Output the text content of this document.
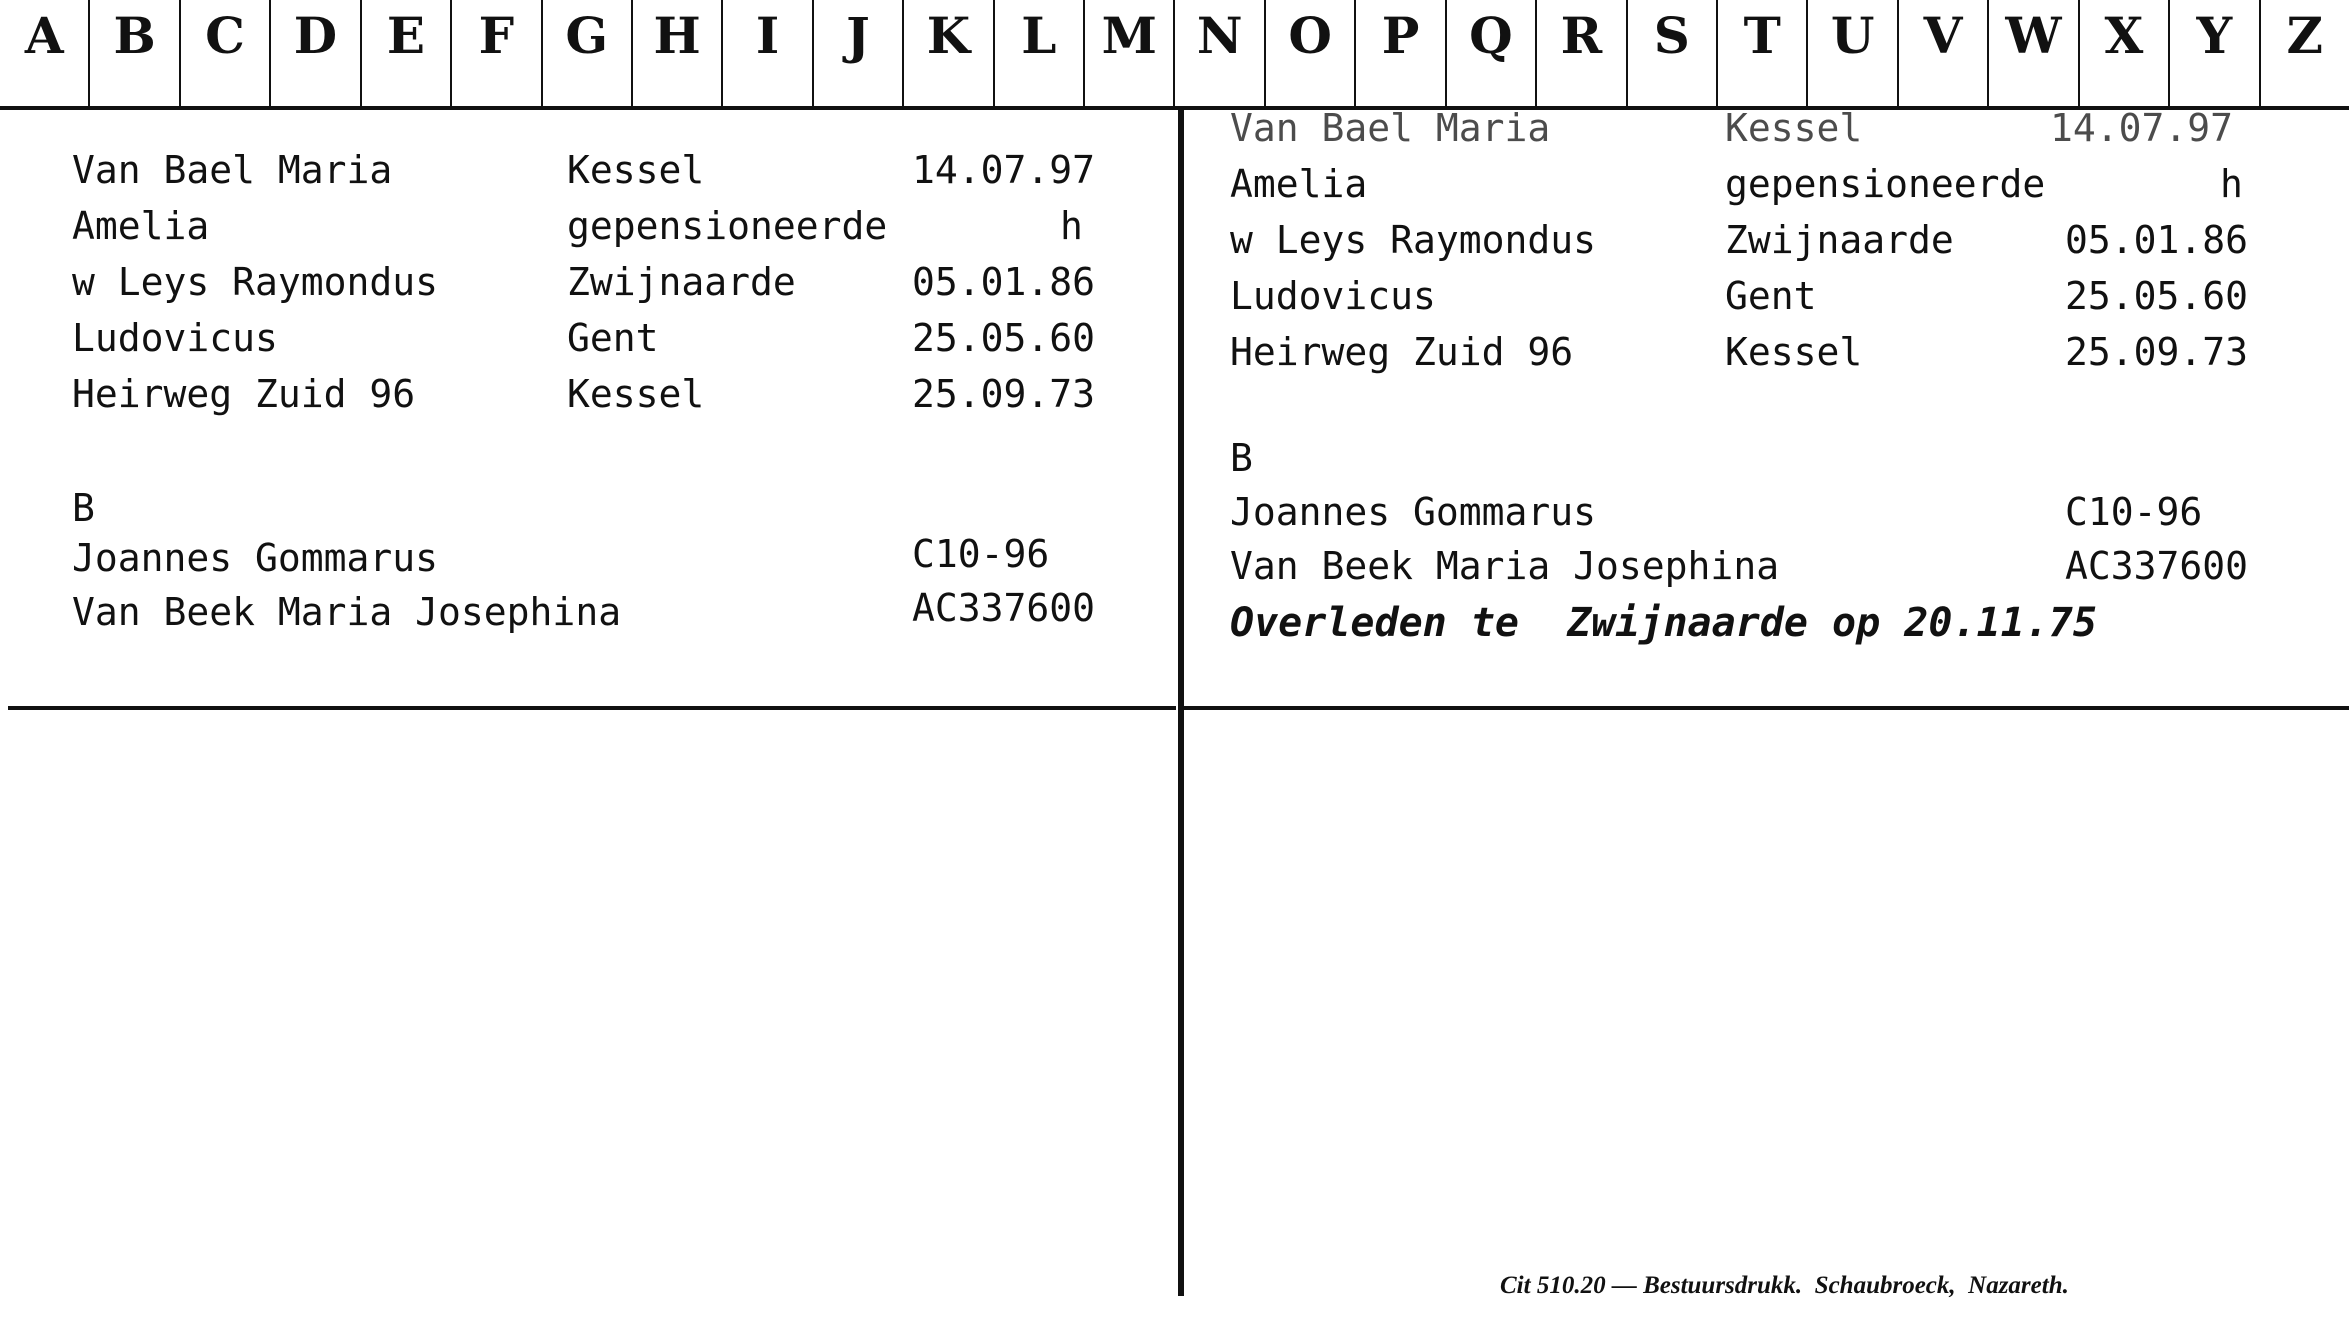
A B C D E	F	G H	I	J	K	L M N O P Q R	S	T	U V W X	Y	Z
Van Bael Maria	Kessel	14.07.97
Amelia	gepensioneerde	h
w Leys Raymondus	Zwijnaarde	05.01.86
Ludovicus	Gent	25.05.60
Heirweg Zuid 96	Kessel	25.09.73
B
Joannes Gommarus	C10-96
Van Beek Maria Josephina	AC337600
Van Bael Maria	Kessel	14.07.97
Amelia	gepensioneerde	h
w Leys Raymondus	Zwijnaarde	05.01.86
Ludovicus	Gent	25.05.60
Heirweg Zuid 96	Kessel	25.09.73
B
Joannes Gommarus	C10-96
Van Beek Maria Josephina	AC337600
Overleden te  Zwijnaarde op 20.11.75
Cit 510.20 — Bestuursdrukk.  Schaubroeck,  Nazareth.
